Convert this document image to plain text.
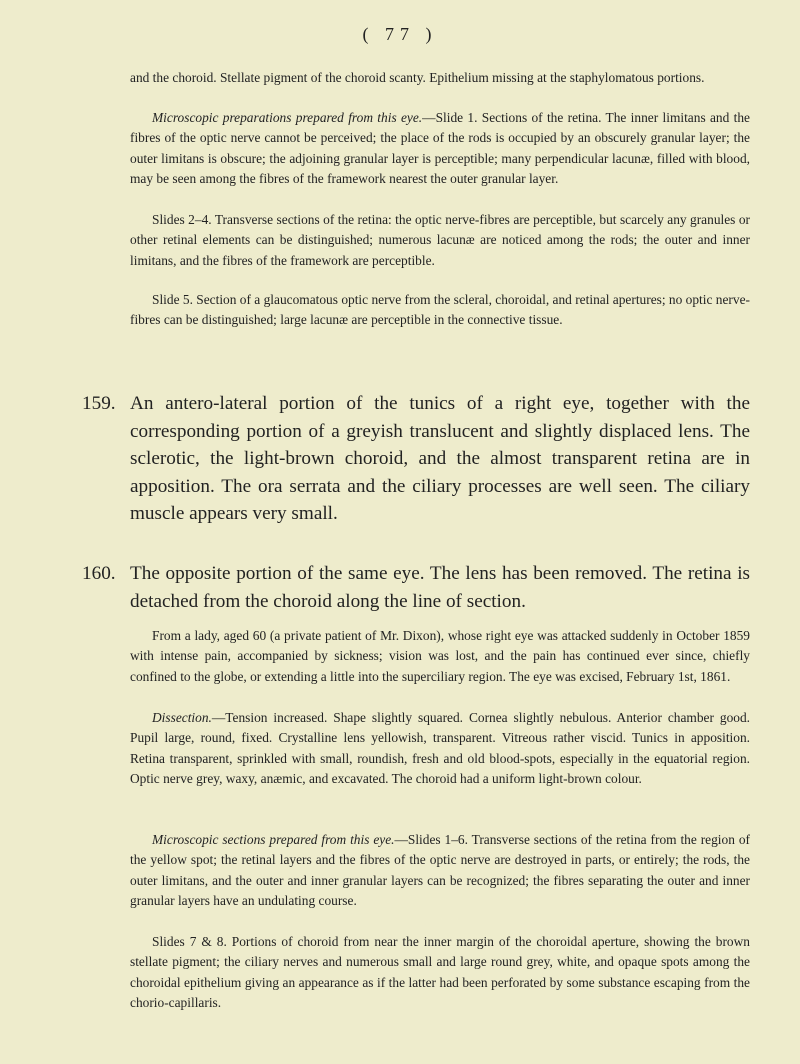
( 77 )

and the choroid. Stellate pigment of the choroid scanty. Epithelium missing at the staphylomatous portions.

Microscopic preparations prepared from this eye.—Slide 1. Sections of the retina. The inner limitans and the fibres of the optic nerve cannot be perceived; the place of the rods is occupied by an obscurely granular layer; the outer limitans is obscure; the adjoining granular layer is perceptible; many perpendicular lacunæ, filled with blood, may be seen among the fibres of the framework nearest the outer granular layer.

Slides 2–4. Transverse sections of the retina: the optic nerve-fibres are perceptible, but scarcely any granules or other retinal elements can be distinguished; numerous lacunæ are noticed among the rods; the outer and inner limitans, and the fibres of the framework are perceptible.

Slide 5. Section of a glaucomatous optic nerve from the scleral, choroidal, and retinal apertures; no optic nerve-fibres can be distinguished; large lacunæ are perceptible in the connective tissue.

159. An antero-lateral portion of the tunics of a right eye, together with the corresponding portion of a greyish translucent and slightly displaced lens. The sclerotic, the light-brown choroid, and the almost transparent retina are in apposition. The ora serrata and the ciliary processes are well seen. The ciliary muscle appears very small.
160. The opposite portion of the same eye. The lens has been removed. The retina is detached from the choroid along the line of section.

From a lady, aged 60 (a private patient of Mr. Dixon), whose right eye was attacked suddenly in October 1859 with intense pain, accompanied by sickness; vision was lost, and the pain has continued ever since, chiefly confined to the globe, or extending a little into the superciliary region. The eye was excised, February 1st, 1861.

Dissection.—Tension increased. Shape slightly squared. Cornea slightly nebulous. Anterior chamber good. Pupil large, round, fixed. Crystalline lens yellowish, transparent. Vitreous rather viscid. Tunics in apposition. Retina transparent, sprinkled with small, roundish, fresh and old blood-spots, especially in the equatorial region. Optic nerve grey, waxy, anæmic, and excavated. The choroid had a uniform light-brown colour.

Microscopic sections prepared from this eye.—Slides 1–6. Transverse sections of the retina from the region of the yellow spot; the retinal layers and the fibres of the optic nerve are destroyed in parts, or entirely; the rods, the outer limitans, and the outer and inner granular layers can be recognized; the fibres separating the outer and inner granular layers have an undulating course.

Slides 7 & 8. Portions of choroid from near the inner margin of the choroidal aperture, showing the brown stellate pigment; the ciliary nerves and numerous small and large round grey, white, and opaque spots among the choroidal epithelium giving an appearance as if the latter had been perforated by some substance escaping from the chorio-capillaris.
